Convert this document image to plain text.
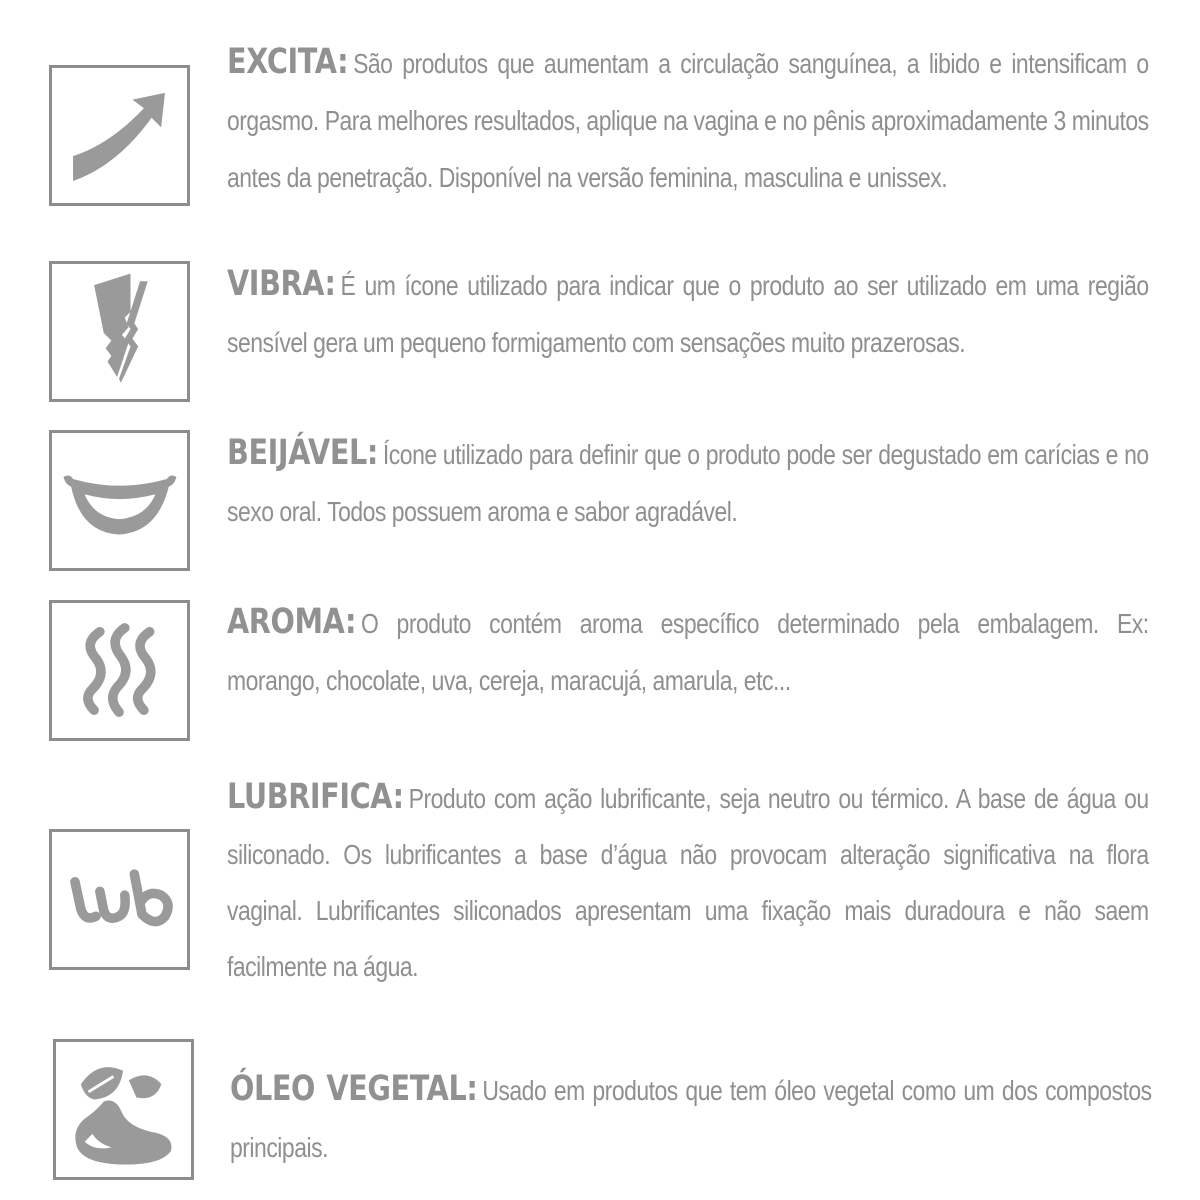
EXCITA: São produtos que aumentam a circulação sanguínea, a libido e intensificam o orgasmo. Para melhores resultados, aplique na vagina e no pênis aproximadamente 3 minutos antes da penetração. Disponível na versão feminina, masculina e unissex.

VIBRA: É um ícone utilizado para indicar que o produto ao ser utilizado em uma região sensível gera um pequeno formigamento com sensações muito prazerosas.

BEIJÁVEL: Ícone utilizado para definir que o produto pode ser degustado em carícias e no sexo oral. Todos possuem aroma e sabor agradável.

AROMA: O produto contém aroma específico determinado pela embalagem. Ex: morango, chocolate, uva, cereja, maracujá, amarula, etc...

LUBRIFICA: Produto com ação lubrificante, seja neutro ou térmico. A base de água ou siliconado. Os lubrificantes a base d’água não provocam alteração significativa na flora vaginal. Lubrificantes siliconados apresentam uma fixação mais duradoura e não saem facilmente na água.

ÓLEO VEGETAL: Usado em produtos que tem óleo vegetal como um dos compostos principais.
